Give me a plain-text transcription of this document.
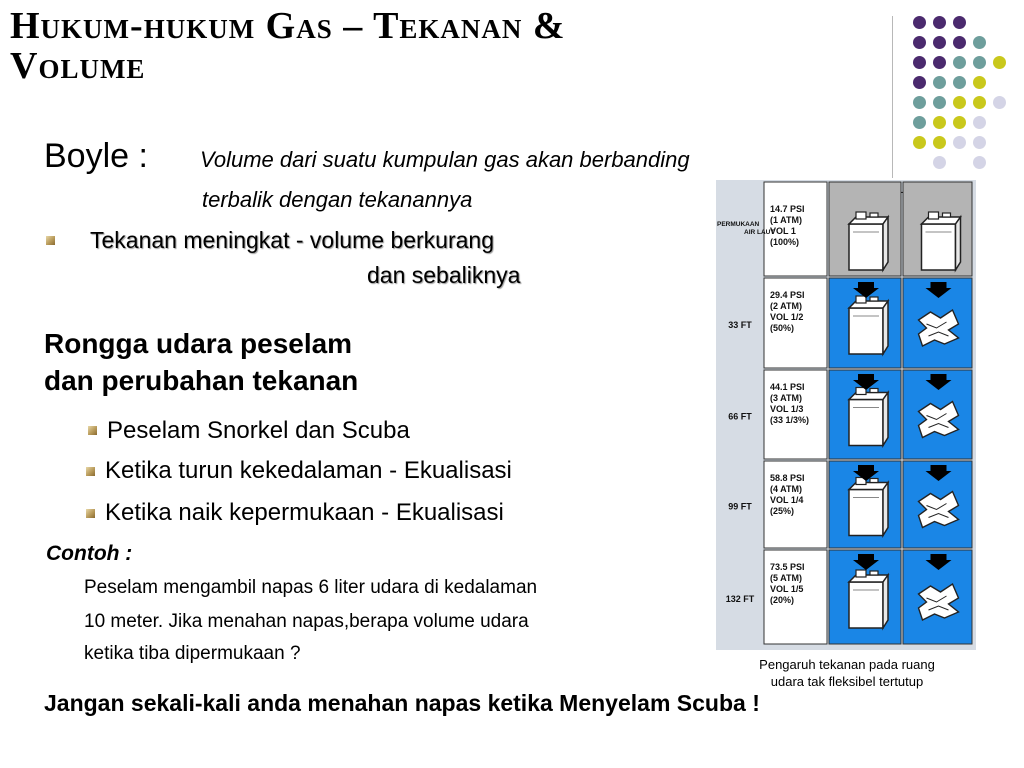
Hukum-hukum Gas – Tekanan &
Volume
Boyle : Volume dari suatu kumpulan gas akan berbanding
terbalik dengan tekanannya
Tekanan meningkat - volume berkurang
dan sebaliknya
Rongga udara peselam
dan perubahan tekanan
Peselam Snorkel dan Scuba
Ketika turun kekedalaman - Ekualisasi
Ketika naik kepermukaan - Ekualisasi
Contoh :
Peselam mengambil napas 6 liter udara di kedalaman
10 meter. Jika menahan napas,berapa volume udara
ketika tiba dipermukaan ?
Jangan sekali-kali anda menahan napas ketika Menyelam Scuba !
14.7 PSI
(1 ATM)
VOL 1
(100%)
PERMUKAAN
AIR LAUT
29.4 PSI
(2 ATM)
VOL 1/2
(50%)
33 FT
44.1 PSI
(3 ATM)
VOL 1/3
(33 1/3%)
66 FT
58.8 PSI
(4 ATM)
VOL 1/4
(25%)
99 FT
73.5 PSI
(5 ATM)
VOL 1/5
(20%)
132 FT
Pengaruh tekanan pada ruang
udara tak fleksibel tertutup
